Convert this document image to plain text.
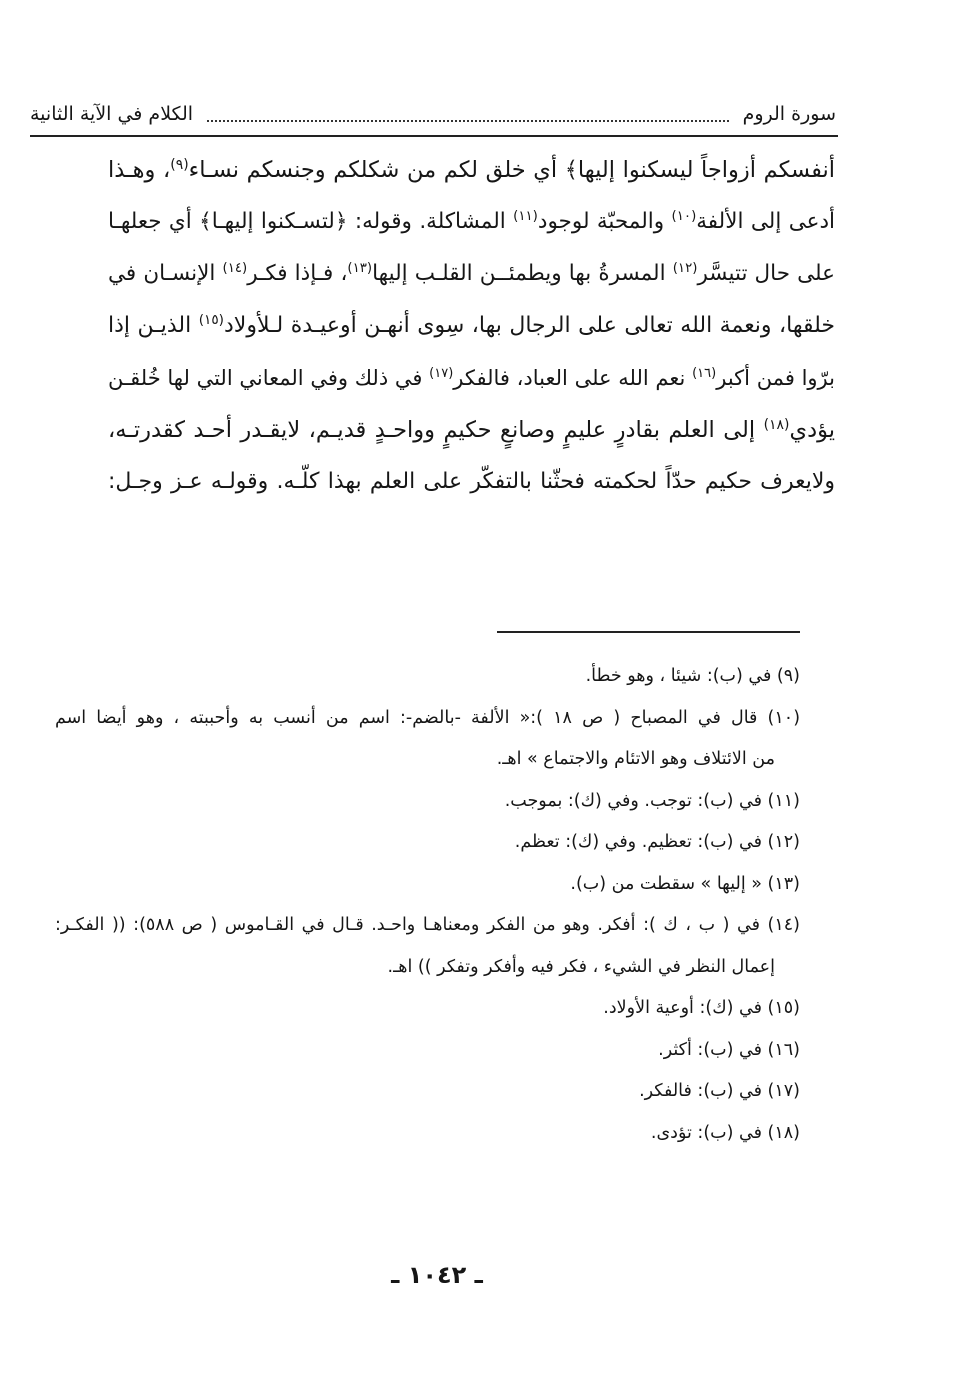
سورة الروم
الكلام في الآية الثانية
أنفسكم أزواجاً ليسكنوا إليها﴾ أي خلق لكم من شكلكم وجنسكم نسـاء$^{(٩)}$، وهـذا
أدعى إلى الألفة$^{(١٠)}$ والمحبّة لوجود$^{(١١)}$ المشاكلة. وقوله: ﴿لتسـكنوا إليهـا﴾ أي جعلهـا
على حال تتيسَّر$^{(١٢)}$ المسرةُ بها ويطمئــن القلـب إليها$^{(١٣)}$، فـإذا فكـر$^{(١٤)}$ الإنسـان في
خلقها، ونعمة الله تعالى على الرجال بها، سِوى أنهـن أوعيـدة لـلأولاد$^{(١٥)}$ الذيـن إذا
برّوا فمن أكبر$^{(١٦)}$ نعم الله على العباد، فالفكر$^{(١٧)}$ في ذلك وفي المعاني التي لها خُلقـن
يؤدي$^{(١٨)}$ إلى العلم بقادرٍ عليمٍ وصانعٍ حكيمٍ وواحـدٍ قديـم، لايقـدر أحـد كقدرتـه،
ولايعرف حكيم حدّاً لحكمته فحثّنا بالتفكّر على العلم بهذا كلّـه. وقولـه عـز وجـل:
(٩) في (ب): شيئا ، وهو خطأ.
(١٠) قال في المصباح ( ص ١٨ ):« الألفة -بالضم-: اسم من أنسب به وأحببته ، وهو أيضا اسم
من الائتلاف وهو الاتئام والاجتماع » اهـ.
(١١) في (ب): توجب. وفي (ك): بموجب.
(١٢) في (ب): تعظيم. وفي (ك): تعظم.
(١٣) « إليها » سقطت من (ب).
(١٤) في ( ب ، ك ): أفكر. وهو من الفكر ومعناهـا واحـد. قـال في القـاموس ( ص ٥٨٨): (( الفكـر:
إعمال النظر في الشيء ، فكر فيه وأفكر وتفكر )) اهـ.
(١٥) في (ك): أوعية الأولاد.
(١٦) في (ب): أكثر.
(١٧) في (ب): فالفكر.
(١٨) في (ب): تؤدى.
ـ ١٠٤٢ ـ
